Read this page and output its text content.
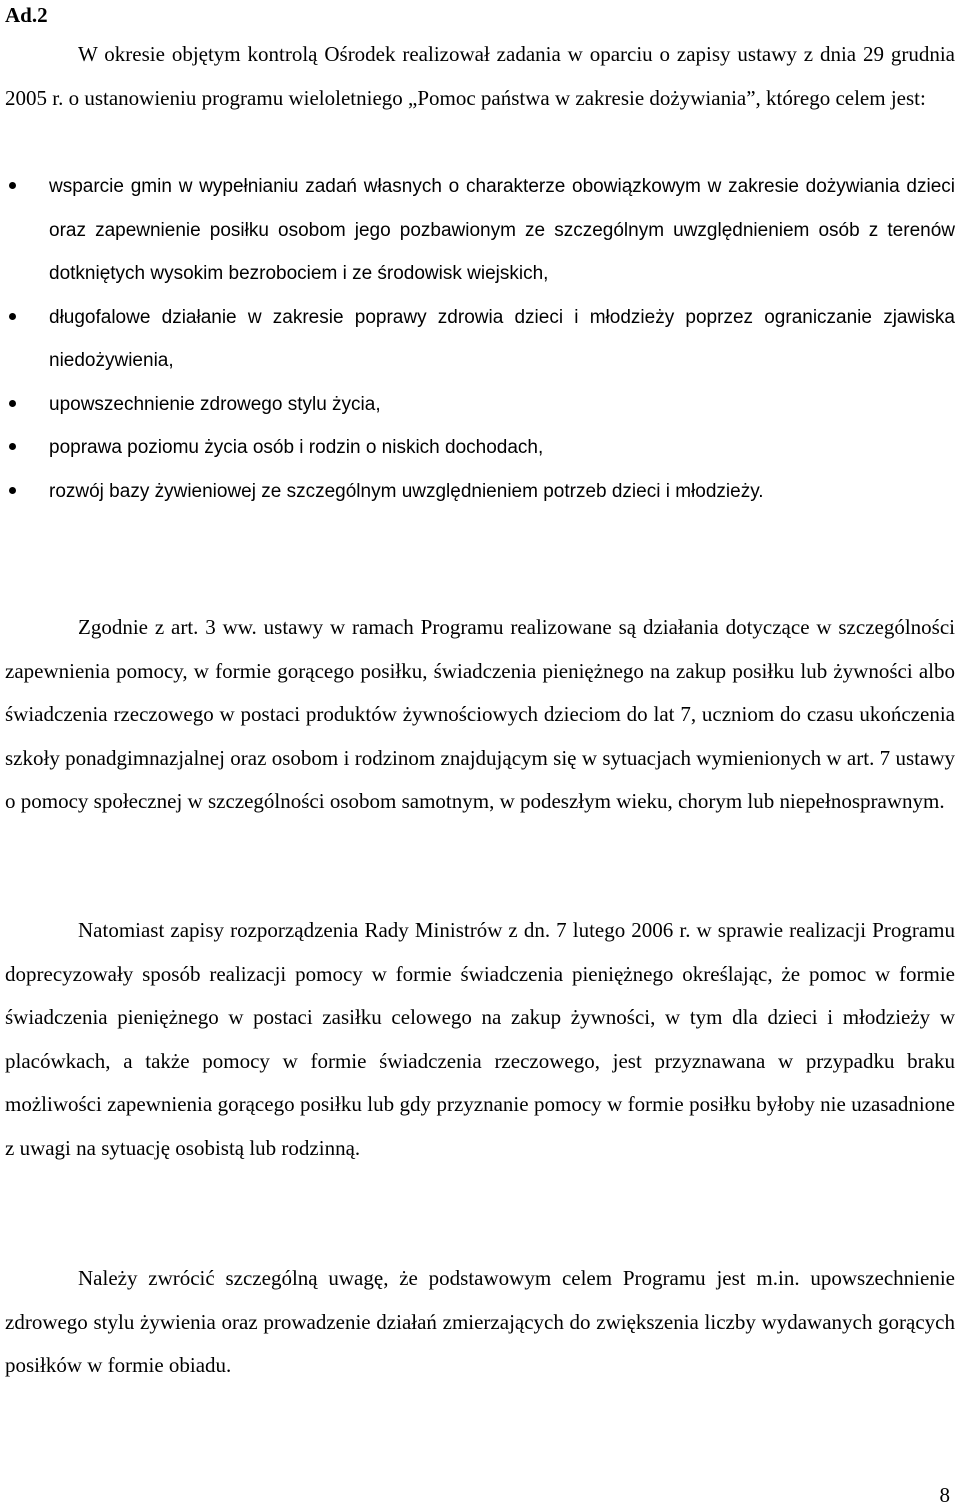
Ad.2

W okresie objętym kontrolą Ośrodek realizował zadania w oparciu o zapisy ustawy z dnia 29 grudnia 2005 r. o ustanowieniu programu wieloletniego „Pomoc państwa w zakresie dożywiania”, którego celem jest:

wsparcie gmin w wypełnianiu zadań własnych o charakterze obowiązkowym w zakresie dożywiania dzieci oraz zapewnienie posiłku osobom jego pozbawionym ze szczególnym uwzględnieniem osób z terenów dotkniętych wysokim bezrobociem i ze środowisk wiejskich,
długofalowe działanie w zakresie poprawy zdrowia dzieci i młodzieży poprzez ograniczanie zjawiska niedożywienia,
upowszechnienie zdrowego stylu życia,
poprawa poziomu życia osób i rodzin o niskich dochodach,
rozwój bazy żywieniowej ze szczególnym uwzględnieniem potrzeb dzieci i młodzieży.

Zgodnie z art. 3 ww. ustawy w ramach Programu realizowane są działania dotyczące w szczególności zapewnienia pomocy, w formie gorącego posiłku, świadczenia pieniężnego na zakup posiłku lub żywności albo świadczenia rzeczowego w postaci produktów żywnościowych dzieciom do lat 7, uczniom do czasu ukończenia szkoły ponadgimnazjalnej oraz osobom i rodzinom znajdującym się w sytuacjach wymienionych w art. 7 ustawy o pomocy społecznej w szczególności osobom samotnym, w podeszłym wieku, chorym lub niepełnosprawnym.

Natomiast zapisy rozporządzenia Rady Ministrów z dn. 7 lutego 2006 r. w sprawie realizacji Programu doprecyzowały sposób realizacji pomocy w formie świadczenia pieniężnego określając, że pomoc w formie świadczenia pieniężnego w postaci zasiłku celowego na zakup żywności, w tym dla dzieci i młodzieży w placówkach, a także pomocy w formie świadczenia rzeczowego, jest przyznawana w przypadku braku możliwości zapewnienia gorącego posiłku lub gdy przyznanie pomocy w formie posiłku byłoby nie uzasadnione z uwagi na sytuację osobistą lub rodzinną.

Należy zwrócić szczególną uwagę, że podstawowym celem Programu jest m.in. upowszechnienie zdrowego stylu żywienia oraz prowadzenie działań zmierzających do zwiększenia liczby wydawanych gorących posiłków w formie obiadu.

8
